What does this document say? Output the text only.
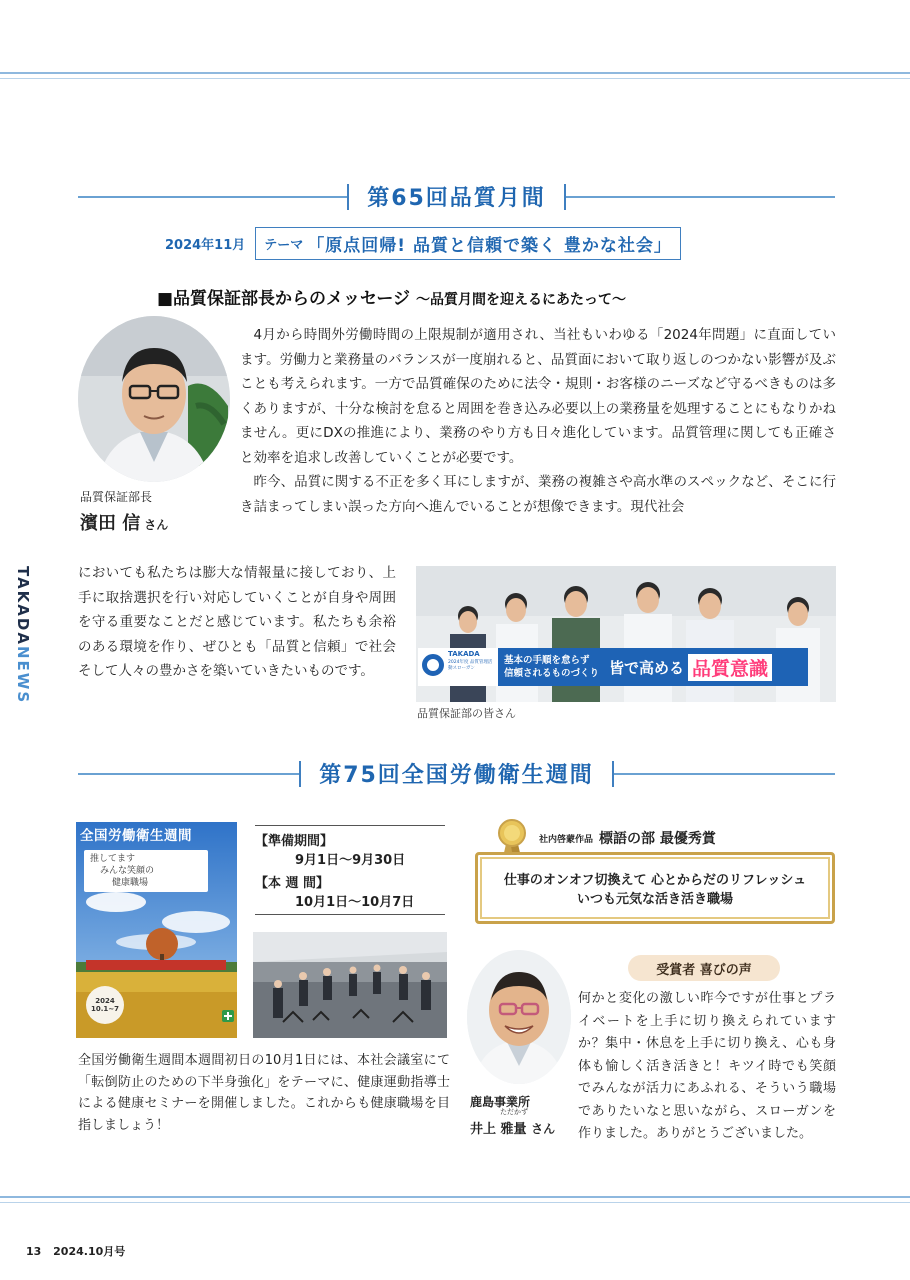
第65回品質月間
2024年11月 テーマ 「原点回帰! 品質と信頼で築く 豊かな社会」
■品質保証部長からのメッセージ 〜品質月間を迎えるにあたって〜
品質保証部長
濱田 信 さん

4月から時間外労働時間の上限規制が適用され、当社もいわゆる「2024年問題」に直面しています。労働力と業務量のバランスが一度崩れると、品質面において取り返しのつかない影響が及ぶことも考えられます。一方で品質確保のために法令・規則・お客様のニーズなど守るべきものは多くありますが、十分な検討を怠ると周囲を巻き込み必要以上の業務量を処理することにもなりかねません。更にDXの推進により、業務のやり方も日々進化しています。品質管理に関しても正確さと効率を追求し改善していくことが必要です。

昨今、品質に関する不正を多く耳にしますが、業務の複雑さや高水準のスペックなど、そこに行き詰まってしまい誤った方向へ進んでいることが想像できます。現代社会

においても私たちは膨大な情報量に接しており、上手に取捨選択を行い対応していくことが自身や周囲を守る重要なことだと感じています。私たちも余裕のある環境を作り、ぜひとも「品質と信頼」で社会そして人々の豊かさを築いていきたいものです。

TAKADANEWS	TAKADA
2024年度 品質管理活動スローガン
基本の手順を怠らず
信頼されるものづくり 皆で高める 品質意識
品質保証部の皆さん
第75回全国労働衛生週間
全国労働衛生週間
推してます
みんな笑顔の
健康職場
2024
10.1~7
【準備期間】
9月1日〜9月30日
【本 週 間】
10月1日〜10月7日

全国労働衛生週間本週間初日の10月1日には、本社会議室にて「転倒防止のための下半身強化」をテーマに、健康運動指導士による健康セミナーを開催しました。これからも健康職場を目指しましょう！

社内啓蒙作品 標語の部 最優秀賞
仕事のオンオフ切換えて 心とからだのリフレッシュ
いつも元気な活き活き職場
受賞者 喜びの声
鹿島事業所
ただかず
井上 雅量 さん

何かと変化の激しい昨今ですが仕事とプライベートを上手に切り換えられていますか？集中・休息を上手に切り換え、心も身体も愉しく活き活きと！キツイ時でも笑顔でみんなが活力にあふれる、そういう職場でありたいなと思いながら、スローガンを作りました。ありがとうございました。

13 2024.10月号
